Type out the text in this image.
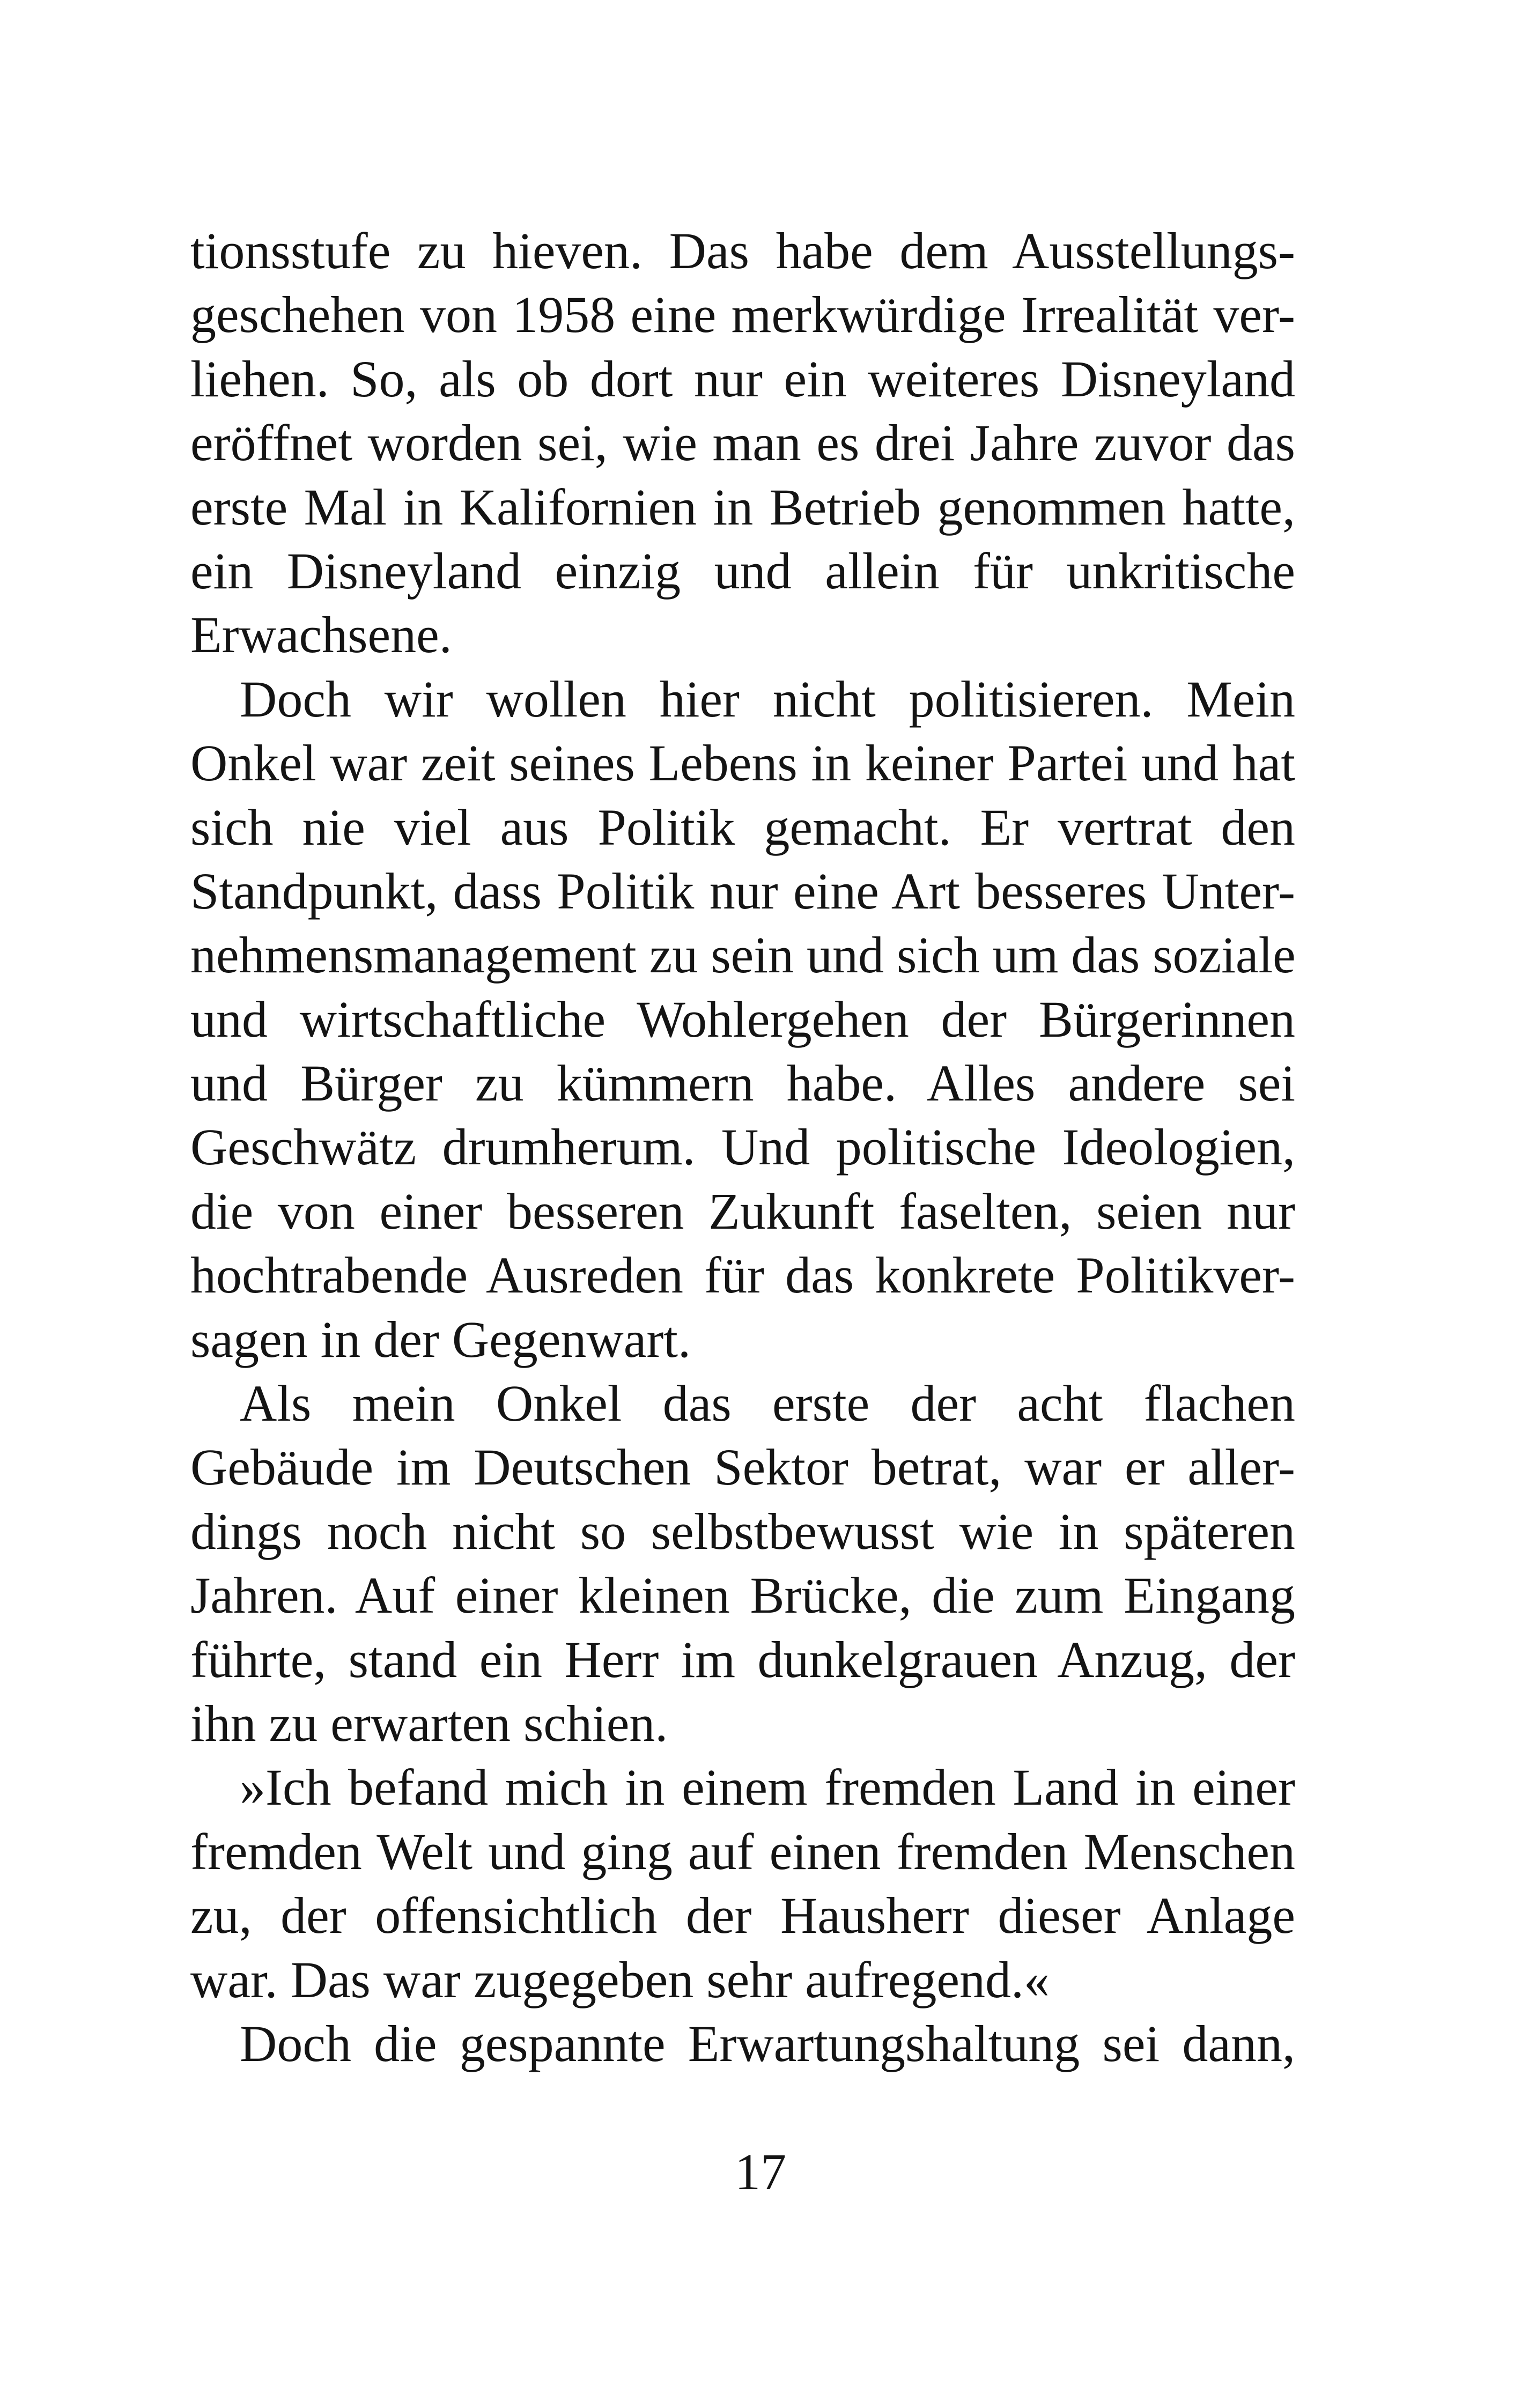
tionsstufe zu hieven. Das habe dem Ausstellungs-
geschehen von 1958 eine merkwürdige Irrealität ver-
liehen. So, als ob dort nur ein weiteres Disneyland
eröffnet worden sei, wie man es drei Jahre zuvor das
erste Mal in Kalifornien in Betrieb genommen hatte,
ein Disneyland einzig und allein für unkritische
Erwachsene.
Doch wir wollen hier nicht politisieren. Mein
Onkel war zeit seines Lebens in keiner Partei und hat
sich nie viel aus Politik gemacht. Er vertrat den
Standpunkt, dass Politik nur eine Art besseres Unter-
nehmensmanagement zu sein und sich um das soziale
und wirtschaftliche Wohlergehen der Bürgerinnen
und Bürger zu kümmern habe. Alles andere sei
Geschwätz drumherum. Und politische Ideologien,
die von einer besseren Zukunft faselten, seien nur
hochtrabende Ausreden für das konkrete Politikver-
sagen in der Gegenwart.
Als mein Onkel das erste der acht flachen
Gebäude im Deutschen Sektor betrat, war er aller-
dings noch nicht so selbstbewusst wie in späteren
Jahren. Auf einer kleinen Brücke, die zum Eingang
führte, stand ein Herr im dunkelgrauen Anzug, der
ihn zu erwarten schien.
»Ich befand mich in einem fremden Land in einer
fremden Welt und ging auf einen fremden Menschen
zu, der offensichtlich der Hausherr dieser Anlage
war. Das war zugegeben sehr aufregend.«
Doch die gespannte Erwartungshaltung sei dann,
17
